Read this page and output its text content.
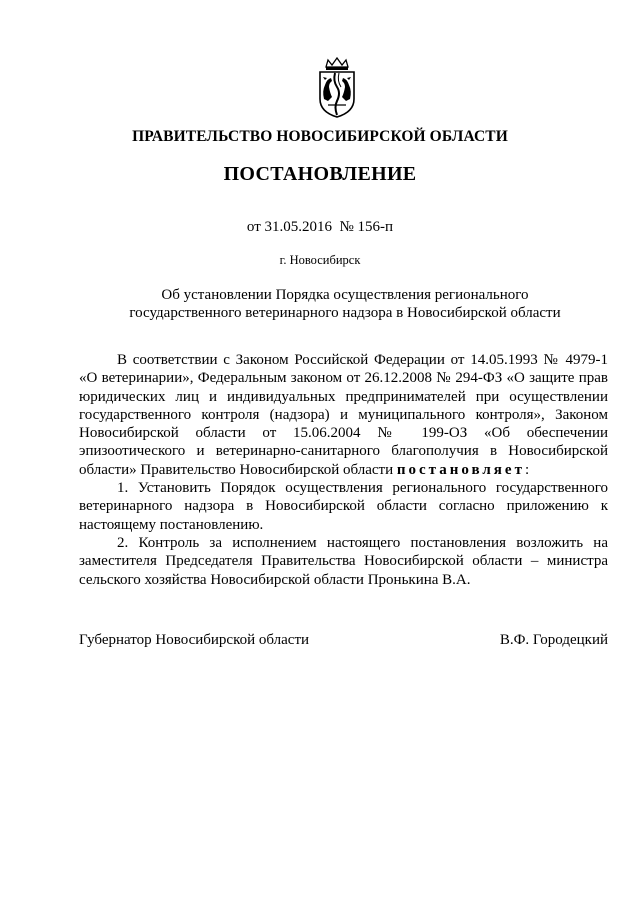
ПРАВИТЕЛЬСТВО НОВОСИБИРСКОЙ ОБЛАСТИ
ПОСТАНОВЛЕНИЕ
от 31.05.2016 № 156-п
г. Новосибирск
Об установлении Порядка осуществления регионального
государственного ветеринарного надзора в Новосибирской области

В соответствии с Законом Российской Федерации от 14.05.1993 № 4979-1 «О ветеринарии», Федеральным законом от 26.12.2008 № 294-ФЗ «О защите прав юридических лиц и индивидуальных предпринимателей при осуществлении государственного контроля (надзора) и муниципального контроля», Законом Новосибирской области от 15.06.2004 № 199-ОЗ «Об обеспечении эпизоотического и ветеринарно-санитарного благополучия в Новосибирской области» Правительство Новосибирской области постановляет:

1. Установить Порядок осуществления регионального государственного ветеринарного надзора в Новосибирской области согласно приложению к настоящему постановлению.

2. Контроль за исполнением настоящего постановления возложить на заместителя Председателя Правительства Новосибирской области – министра сельского хозяйства Новосибирской области Пронькина В.А.

Губернатор Новосибирской области	В.Ф. Городецкий
